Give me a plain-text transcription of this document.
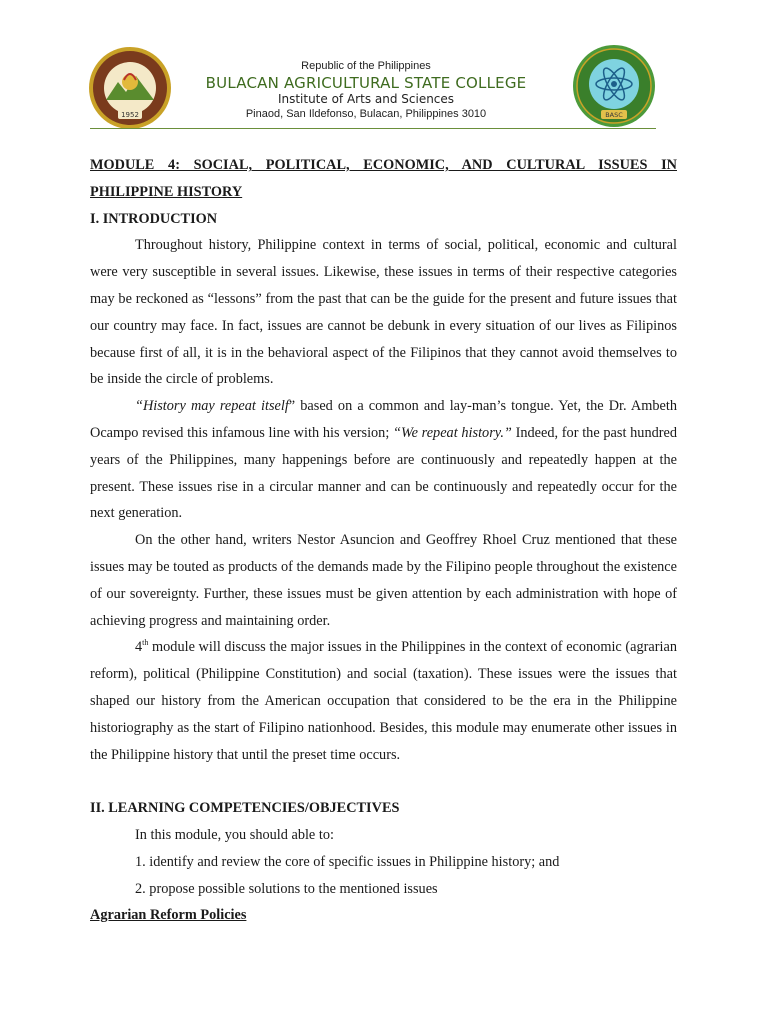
1952	BASC
Republic of the Philippines
BULACAN AGRICULTURAL STATE COLLEGE
Institute of Arts and Sciences
Pinaod, San Ildefonso, Bulacan, Philippines 3010

MODULE 4: SOCIAL, POLITICAL, ECONOMIC, AND CULTURAL ISSUES IN

PHILIPPINE HISTORY

I. INTRODUCTION

Throughout history, Philippine context in terms of social, political, economic and cultural were very susceptible in several issues. Likewise, these issues in terms of their respective categories may be reckoned as “lessons” from the past that can be the guide for the present and future issues that our country may face. In fact, issues are cannot be debunk in every situation of our lives as Filipinos because first of all, it is in the behavioral aspect of the Filipinos that they cannot avoid themselves to be inside the circle of problems.

“History may repeat itself” based on a common and lay-man’s tongue. Yet, the Dr. Ambeth Ocampo revised this infamous line with his version; “We repeat history.” Indeed, for the past hundred years of the Philippines, many happenings before are continuously and repeatedly happen at the present. These issues rise in a circular manner and can be continuously and repeatedly occur for the next generation.

On the other hand, writers Nestor Asuncion and Geoffrey Rhoel Cruz mentioned that these issues may be touted as products of the demands made by the Filipino people throughout the existence of our sovereignty. Further, these issues must be given attention by each administration with hope of achieving progress and maintaining order.

4th module will discuss the major issues in the Philippines in the context of economic (agrarian reform), political (Philippine Constitution) and social (taxation). These issues were the issues that shaped our history from the American occupation that considered to be the era in the Philippine historiography as the start of Filipino nationhood. Besides, this module may enumerate other issues in the Philippine history that until the preset time occurs.

II. LEARNING COMPETENCIES/OBJECTIVES

In this module, you should able to:

1. identify and review the core of specific issues in Philippine history; and

2. propose possible solutions to the mentioned issues

Agrarian Reform Policies
